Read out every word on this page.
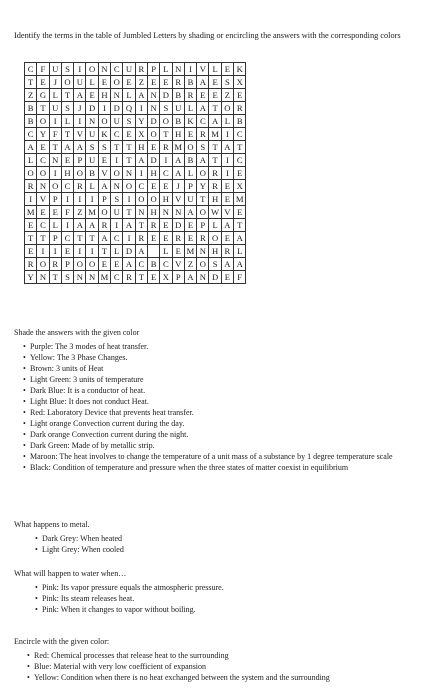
Identify the terms in the table of Jumbled Letters by shading or encircling the answers with the corresponding colors

C	F	U	S	I	O	N	C	U	R	P	L	N	I	V	L	E	K
T	E	J	O	U	L	E	O	E	Z	E	E	R	B	A	E	S	X
Z	G	L	T	A	E	H	N	L	A	N	D	B	R	E	E	Z	E
B	T	U	S	J	D	I	D	Q	I	N	S	U	L	A	T	O	R
B	O	I	L	I	N	O	U	S	Y	D	O	B	K	C	A	L	B
C	Y	F	T	V	U	K	C	E	X	O	T	H	E	R	M	I	C
A	E	T	A	A	S	S	T	T	H	E	R	M	O	S	T	A	T
L	C	N	E	P	U	E	I	T	A	D	I	A	B	A	T	I	C
O	O	I	H	O	B	V	O	N	I	H	C	A	L	O	R	I	E
R	N	O	C	R	L	A	N	O	C	E	E	J	P	Y	R	E	X
I	V	P	I	I	I	P	S	I	O	O	H	V	U	T	H	E	M
M	E	E	F	Z	M	O	U	T	N	H	N	N	A	O	W	V	E
E	C	L	I	A	A	R	I	A	T	R	E	D	E	P	L	A	T
T	T	P	C	T	T	A	C	I	R	E	E	R	E	R	O	E	A
E	I	I	E	I	I	T	L	D	A		L	E	M	N	H	R	L
R	O	R	P	O	O	E	E	A	C	B	C	V	Z	O	S	A	A
Y	N	T	S	N	N	M	C	R	T	E	X	P	A	N	D	E	F

Shade the answers with the given color

• Purple: The 3 modes of heat transfer.
• Yellow: The 3 Phase Changes.
• Brown: 3 units of Heat
• Light Green: 3 units of temperature
• Dark Blue: It is a conductor of heat.
• Light Blue: It does not conduct Heat.
• Red: Laboratory Device that prevents heat transfer.
• Light orange Convection current during the day.
• Dark orange Convection current during the night.
• Dark Green: Made of by metallic strip.
• Maroon: The heat involves to change the temperature of a unit mass of a substance by 1 degree temperature scale
• Black: Condition of temperature and pressure when the three states of matter coexist in equilibrium

What happens to metal.

• Dark Grey: When heated
• Light Grey: When cooled

What will happen to water when…

• Pink: Its vapor pressure equals the atmospheric pressure.
• Pink: Its steam releases heat.
• Pink: When it changes to vapor without boiling.

Encircle with the given color:

• Red: Chemical processes that release heat to the surrounding
• Blue: Material with very low coefficient of expansion
• Yellow: Condition when there is no heat exchanged between the system and the surrounding
